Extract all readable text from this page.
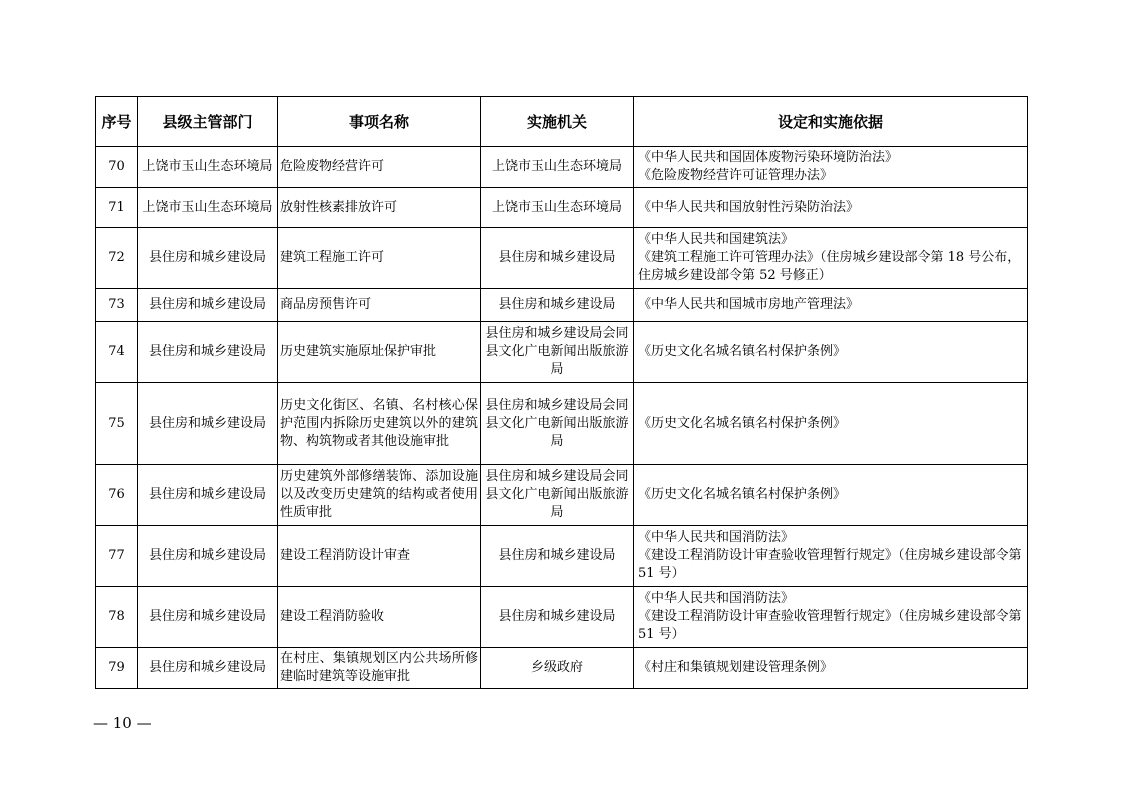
序号	县级主管部门	事项名称	实施机关	设定和实施依据
70	上饶市玉山生态环境局	危险废物经营许可	上饶市玉山生态环境局	《中华人民共和国固体废物污染环境防治法》
《危险废物经营许可证管理办法》

71	上饶市玉山生态环境局	放射性核素排放许可	上饶市玉山生态环境局	《中华人民共和国放射性污染防治法》

72	县住房和城乡建设局	建筑工程施工许可	县住房和城乡建设局	《中华人民共和国建筑法》
《建筑工程施工许可管理办法》（住房城乡建设部令第 18 号公布，住房城乡建设部令第 52 号修正）

73	县住房和城乡建设局	商品房预售许可	县住房和城乡建设局	《中华人民共和国城市房地产管理法》

74	县住房和城乡建设局	历史建筑实施原址保护审批	县住房和城乡建设局会同县文化广电新闻出版旅游局	《历史文化名城名镇名村保护条例》

75	县住房和城乡建设局	历史文化街区、名镇、名村核心保护范围内拆除历史建筑以外的建筑物、构筑物或者其他设施审批	县住房和城乡建设局会同县文化广电新闻出版旅游局	《历史文化名城名镇名村保护条例》

76	县住房和城乡建设局	历史建筑外部修缮装饰、添加设施以及改变历史建筑的结构或者使用性质审批	县住房和城乡建设局会同县文化广电新闻出版旅游局	《历史文化名城名镇名村保护条例》

77	县住房和城乡建设局	建设工程消防设计审查	县住房和城乡建设局	《中华人民共和国消防法》
《建设工程消防设计审查验收管理暂行规定》（住房城乡建设部令第 51 号）

78	县住房和城乡建设局	建设工程消防验收	县住房和城乡建设局	《中华人民共和国消防法》
《建设工程消防设计审查验收管理暂行规定》（住房城乡建设部令第 51 号）

79	县住房和城乡建设局	在村庄、集镇规划区内公共场所修建临时建筑等设施审批	乡级政府	《村庄和集镇规划建设管理条例》
— 10 —
